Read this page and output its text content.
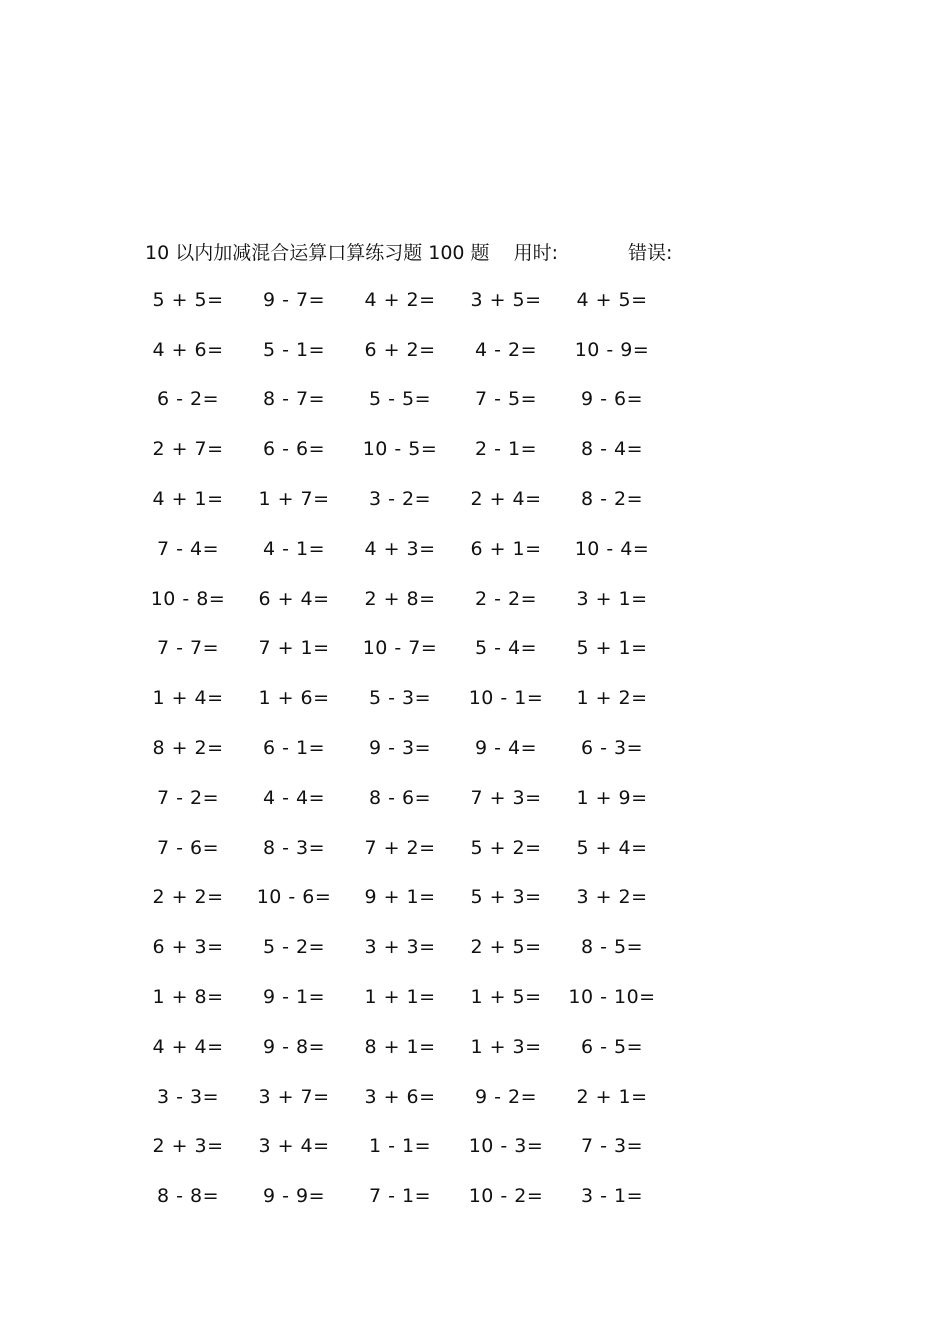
10 以内加减混合运算口算练习题 100 题 用时:	错误:
5 + 5=	9 - 7=	4 + 2=	3 + 5=	4 + 5=
4 + 6=	5 - 1=	6 + 2=	4 - 2=	10 - 9=
6 - 2=	8 - 7=	5 - 5=	7 - 5=	9 - 6=
2 + 7=	6 - 6=	10 - 5=	2 - 1=	8 - 4=
4 + 1=	1 + 7=	3 - 2=	2 + 4=	8 - 2=
7 - 4=	4 - 1=	4 + 3=	6 + 1=	10 - 4=
10 - 8=	6 + 4=	2 + 8=	2 - 2=	3 + 1=
7 - 7=	7 + 1=	10 - 7=	5 - 4=	5 + 1=
1 + 4=	1 + 6=	5 - 3=	10 - 1=	1 + 2=
8 + 2=	6 - 1=	9 - 3=	9 - 4=	6 - 3=
7 - 2=	4 - 4=	8 - 6=	7 + 3=	1 + 9=
7 - 6=	8 - 3=	7 + 2=	5 + 2=	5 + 4=
2 + 2=	10 - 6=	9 + 1=	5 + 3=	3 + 2=
6 + 3=	5 - 2=	3 + 3=	2 + 5=	8 - 5=
1 + 8=	9 - 1=	1 + 1=	1 + 5=	10 - 10=
4 + 4=	9 - 8=	8 + 1=	1 + 3=	6 - 5=
3 - 3=	3 + 7=	3 + 6=	9 - 2=	2 + 1=
2 + 3=	3 + 4=	1 - 1=	10 - 3=	7 - 3=
8 - 8=	9 - 9=	7 - 1=	10 - 2=	3 - 1=
